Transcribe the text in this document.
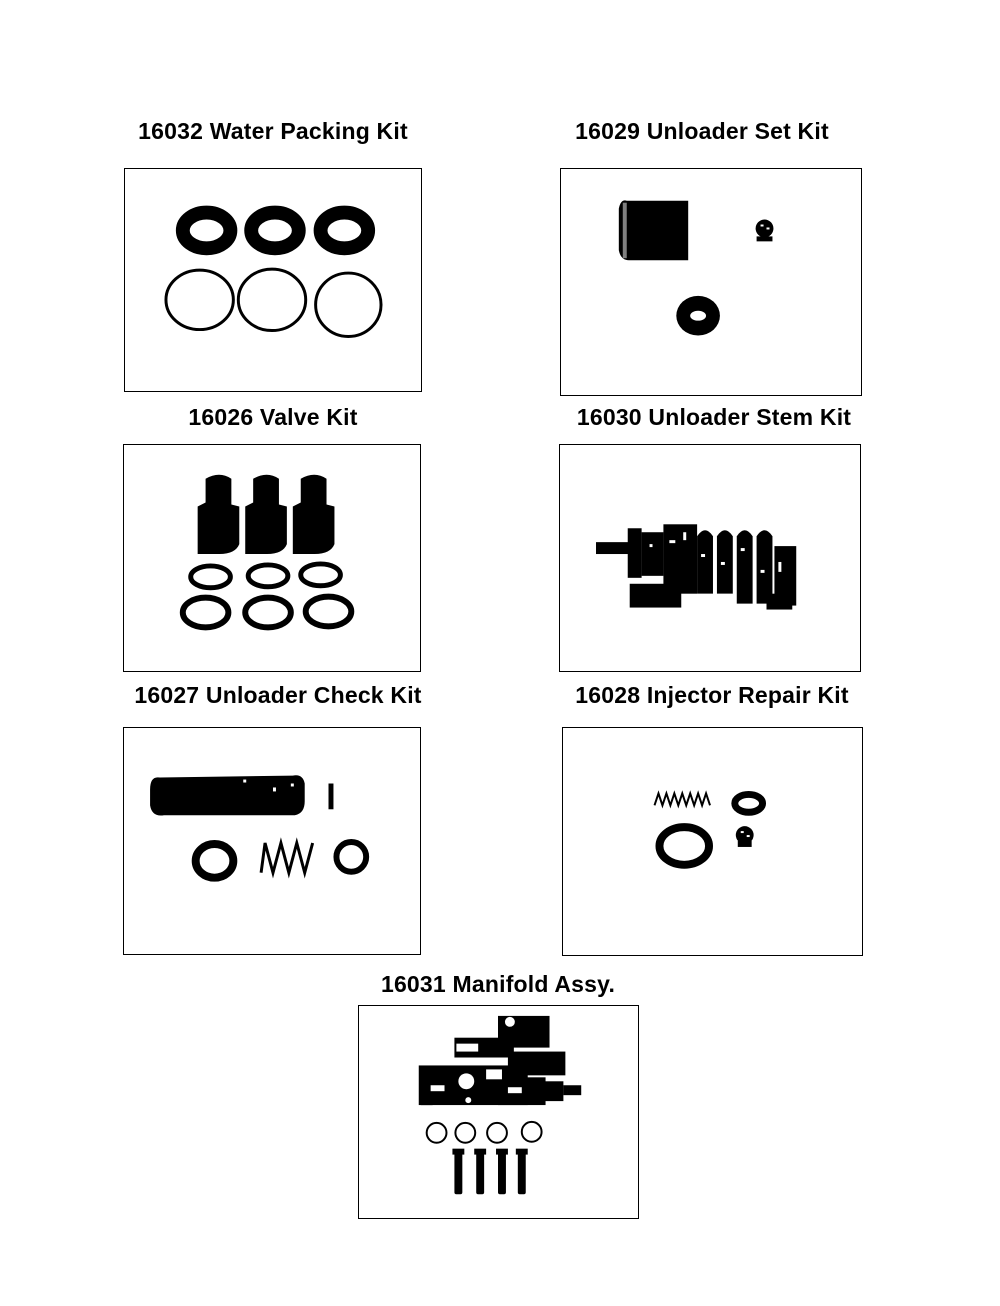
16032 Water Packing Kit	16029 Unloader Set Kit
16026 Valve Kit	16030 Unloader Stem Kit
16027 Unloader Check Kit	16028 Injector Repair Kit
16031 Manifold Assy.
